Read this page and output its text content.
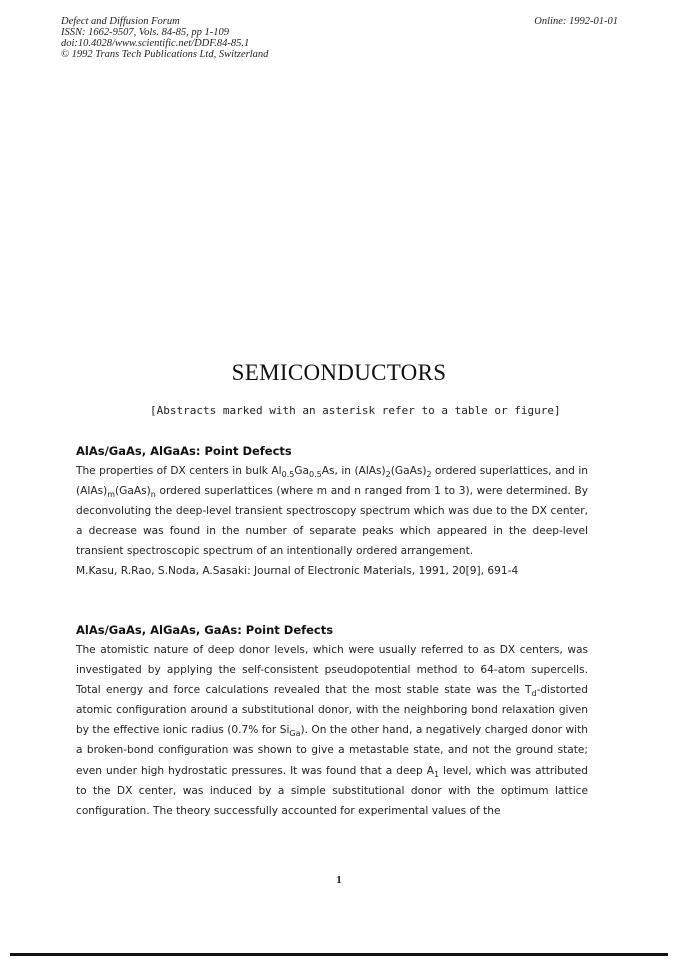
Defect and Diffusion Forum
ISSN: 1662-9507, Vols. 84-85, pp 1-109
doi:10.4028/www.scientific.net/DDF.84-85.1
© 1992 Trans Tech Publications Ltd, Switzerland
Online: 1992-01-01
SEMICONDUCTORS
[Abstracts marked with an asterisk refer to a table or figure]
AlAs/GaAs, AlGaAs: Point Defects
The properties of DX centers in bulk $Al_{0.5}Ga_{0.5}As$, in $(AlAs)_2(GaAs)_2$ ordered superlattices, and in $(AlAs)_m(GaAs)_n$ ordered superlattices (where m and n ranged from 1 to 3), were determined. By deconvoluting the deep-level transient spectroscopy spectrum which was due to the DX center, a decrease was found in the number of separate peaks which appeared in the deep-level transient spectroscopic spectrum of an intentionally ordered arrangement.
M.Kasu, R.Rao, S.Noda, A.Sasaki: Journal of Electronic Materials, 1991, 20[9], 691-4
AlAs/GaAs, AlGaAs, GaAs: Point Defects
The atomistic nature of deep donor levels, which were usually referred to as DX centers, was investigated by applying the self-consistent pseudopotential method to 64-atom supercells. Total energy and force calculations revealed that the most stable state was the $T_d$-distorted atomic configuration around a substitutional donor, with the neighboring bond relaxation given by the effective ionic radius (0.7% for $Si_{Ga}$). On the other hand, a negatively charged donor with a broken-bond configuration was shown to give a metastable state, and not the ground state; even under high hydrostatic pressures. It was found that a deep $A_1$ level, which was attributed to the DX center, was induced by a simple substitutional donor with the optimum lattice configuration. The theory successfully accounted for experimental values of the
1
